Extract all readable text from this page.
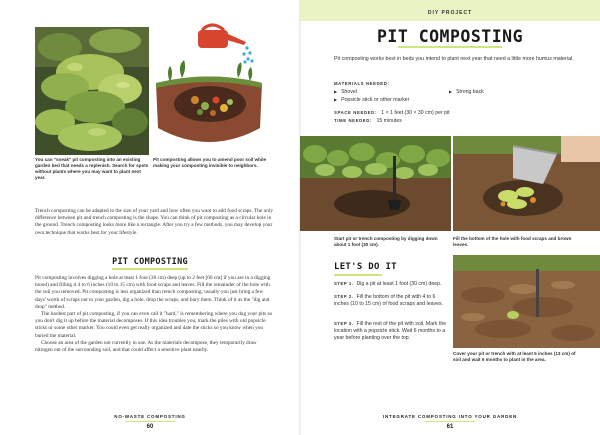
You can "sneak" pit composting into an existing garden bed that needs a replenish. Search for spots without plants where you may want to plant next year.
Pit composting allows you to amend poor soil while making your composting invisible to neighbors.

Trench composting can be adapted to the size of your yard and how often you want to add food scraps. The only difference between pit and trench composting is the shape. You can think of pit composting as a circular hole in the ground. Trench composting looks more like a rectangle. After you try a few methods, you may develop your own technique that works best for your lifestyle.

PIT COMPOSTING

Pit composting involves digging a hole at least 1 foot (30 cm) deep (up to 2 feet [60 cm] if you are in a digging mood) and filling it 4 to 6 inches (10 to 15 cm) with food scraps and leaves. Fill the remainder of the hole with the soil you removed. Pit composting is less organized than trench composting; usually you just bring a few days' worth of scraps out to your garden, dig a hole, drop the scraps, and bury them. Think of it as the "dig and drop" method.

The hardest part of pit composting, if you can even call it "hard," is remembering where you dug your pits so you don't dig it up before the material decomposes. If this idea troubles you, mark the piles with old popsicle sticks or some other marker. You could even get really organized and date the sticks so you know when you buried the material.

Choose an area of the garden not currently in use. As the materials decompose, they temporarily draw nitrogen out of the surrounding soil, and that could affect a sensitive plant nearby.

NO-WASTE COMPOSTING
60
DIY PROJECT
PIT COMPOSTING
Pit composting works best in beds you intend to plant next year that need a little more humus material.
MATERIALS NEEDED:
▶ Shovel	▶ Strong back
▶ Popsicle stick or other marker
SPACE NEEDED: 1 × 1 feet (30 × 30 cm) per pit
TIME NEEDED: 15 minutes
Start pit or trench composting by digging down about 1 foot (30 cm).
Fill the bottom of the hole with food scraps and brown leaves.
LET'S DO IT
STEP 1. Dig a pit at least 1 foot (30 cm) deep.
STEP 2. Fill the bottom of the pit with 4 to 6 inches (10 to 15 cm) of food scraps and leaves.
STEP 3. Fill the rest of the pit with soil. Mark the location with a popsicle stick. Wait 6 months to a year before planting over the top.
Cover your pit or trench with at least 5 inches (13 cm) of soil and wait 6 months to plant in the area.
INTEGRATE COMPOSTING INTO YOUR GARDEN
61
